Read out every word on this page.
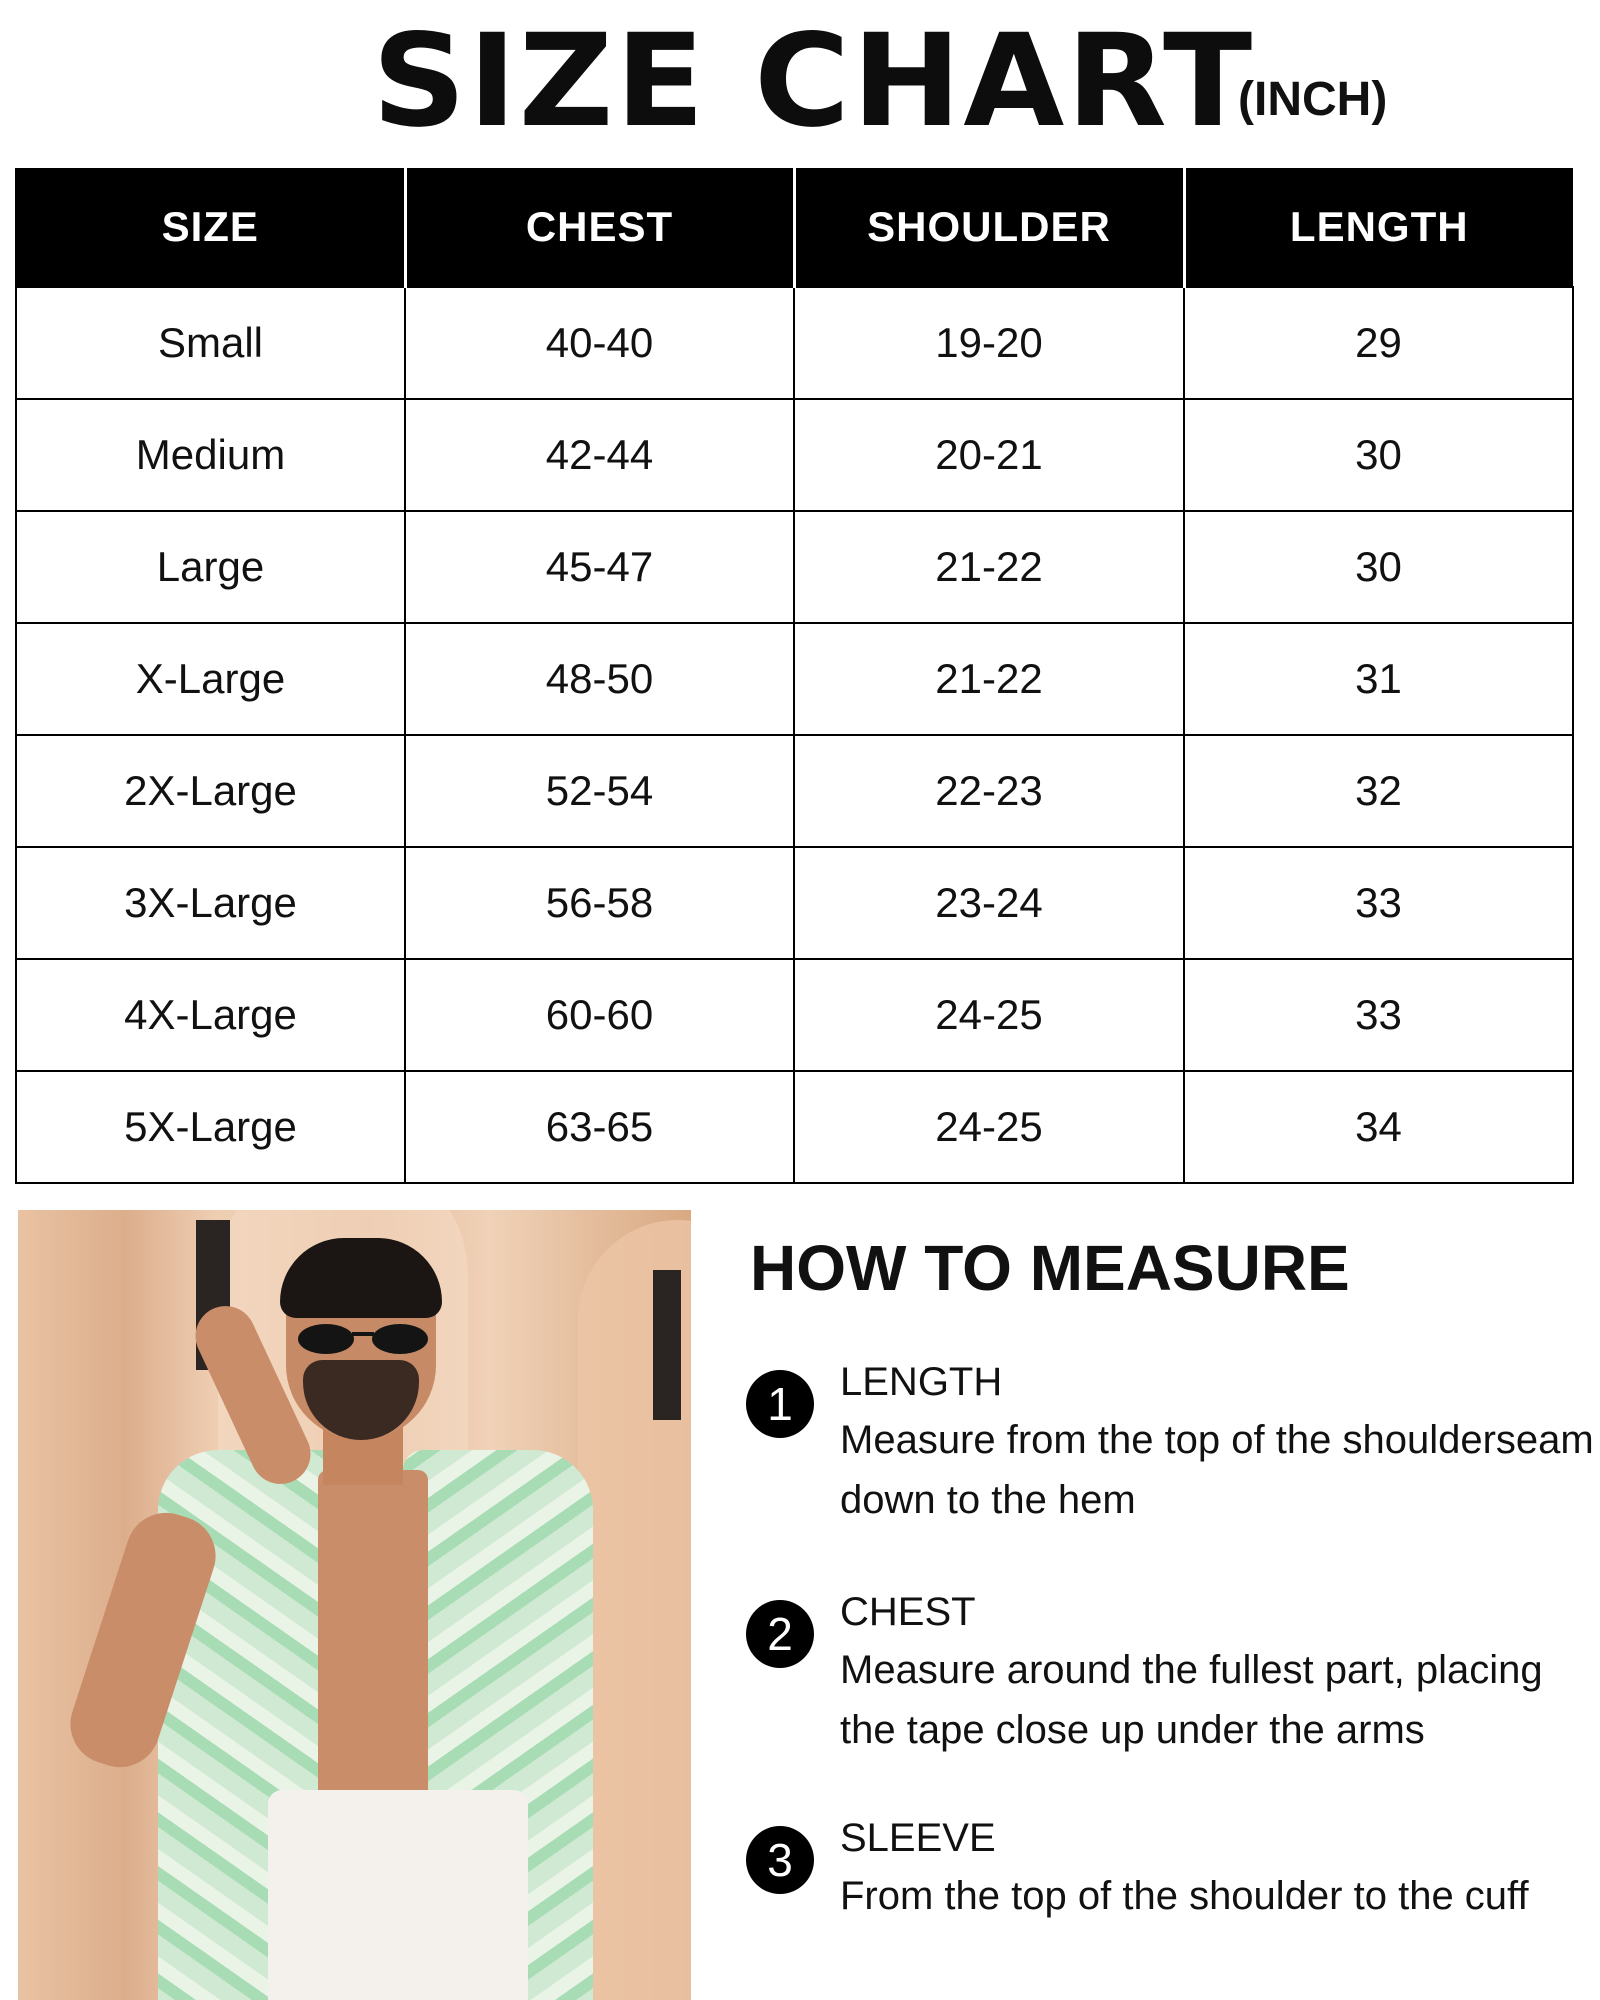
SIZE CHART
(INCH)
SIZE	CHEST	SHOULDER	LENGTH
Small	40-40	19-20	29
Medium	42-44	20-21	30
Large	45-47	21-22	30
X-Large	48-50	21-22	31
2X-Large	52-54	22-23	32
3X-Large	56-58	23-24	33
4X-Large	60-60	24-25	33
5X-Large	63-65	24-25	34
HOW TO MEASURE
1	LENGTH
Measure from the top of the shoulderseam down to the hem
2	CHEST
Measure around the fullest part, placing the tape close up under the arms
3	SLEEVE
From the top of the shoulder to the cuff
